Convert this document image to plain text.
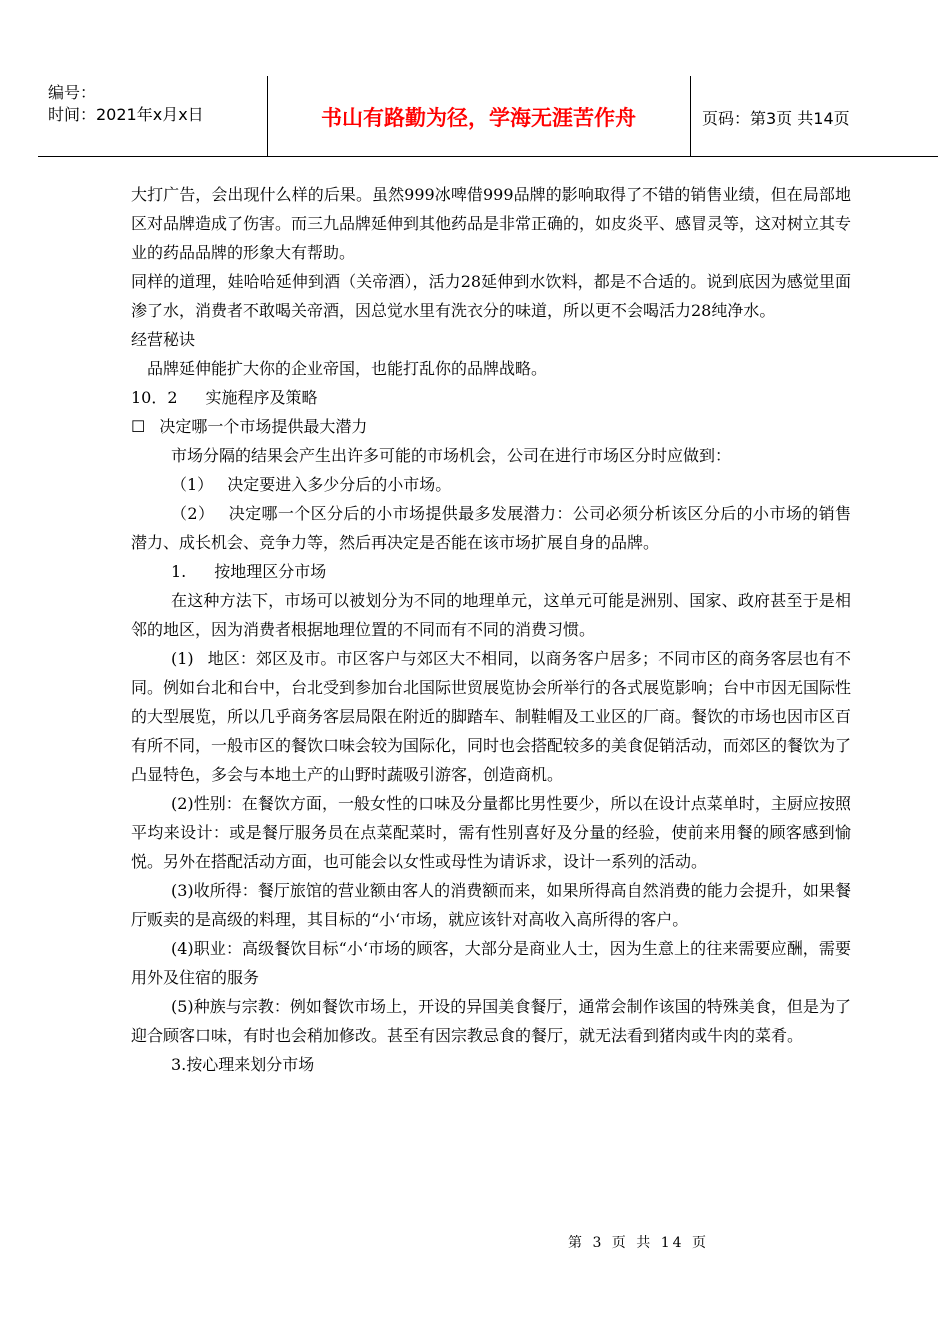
编号：
时间：2021年x月x日	书山有路勤为径，学海无涯苦作舟	页码：第3页 共14页

大打广告，会出现什么样的后果。虽然999冰啤借999品牌的影响取得了不错的销售业绩，但在局部地区对品牌造成了伤害。而三九品牌延伸到其他药品是非常正确的，如皮炎平、感冒灵等，这对树立其专业的药品品牌的形象大有帮助。

同样的道理，娃哈哈延伸到酒（关帝酒），活力28延伸到水饮料，都是不合适的。说到底因为感觉里面渗了水，消费者不敢喝关帝酒，因总觉水里有洗衣分的味道，所以更不会喝活力28纯净水。

经营秘诀

品牌延伸能扩大你的企业帝国，也能打乱你的品牌战略。

10．2 实施程序及策略

☐ 决定哪一个市场提供最大潜力

市场分隔的结果会产生出许多可能的市场机会，公司在进行市场区分时应做到：

（1） 决定要进入多少分后的小市场。

（2） 决定哪一个区分后的小市场提供最多发展潜力：公司必须分析该区分后的小市场的销售潜力、成长机会、竞争力等，然后再决定是否能在该市场扩展自身的品牌。

1. 按地理区分市场

在这种方法下，市场可以被划分为不同的地理单元，这单元可能是洲别、国家、政府甚至于是相邻的地区，因为消费者根据地理位置的不同而有不同的消费习惯。

(1) 地区：郊区及市。市区客户与郊区大不相同，以商务客户居多；不同市区的商务客层也有不同。例如台北和台中，台北受到参加台北国际世贸展览协会所举行的各式展览影响；台中市因无国际性的大型展览，所以几乎商务客层局限在附近的脚踏车、制鞋帽及工业区的厂商。餐饮的市场也因市区百有所不同，一般市区的餐饮口味会较为国际化，同时也会搭配较多的美食促销活动，而郊区的餐饮为了凸显特色，多会与本地土产的山野时蔬吸引游客，创造商机。

(2)性别：在餐饮方面，一般女性的口味及分量都比男性要少，所以在设计点菜单时，主厨应按照平均来设计：或是餐厅服务员在点菜配菜时，需有性别喜好及分量的经验，使前来用餐的顾客感到愉悦。另外在搭配活动方面，也可能会以女性或母性为请诉求，设计一系列的活动。

(3)收所得：餐厅旅馆的营业额由客人的消费额而来，如果所得高自然消费的能力会提升，如果餐厅贩卖的是高级的料理，其目标的“小‘市场，就应该针对高收入高所得的客户。

(4)职业：高级餐饮目标“小‘市场的顾客，大部分是商业人士，因为生意上的往来需要应酬，需要用外及住宿的服务

(5)种族与宗教：例如餐饮市场上，开设的异国美食餐厅，通常会制作该国的特殊美食，但是为了迎合顾客口味，有时也会稍加修改。甚至有因宗教忌食的餐厅，就无法看到猪肉或牛肉的菜肴。

3.按心理来划分市场

第 3 页 共 14 页
